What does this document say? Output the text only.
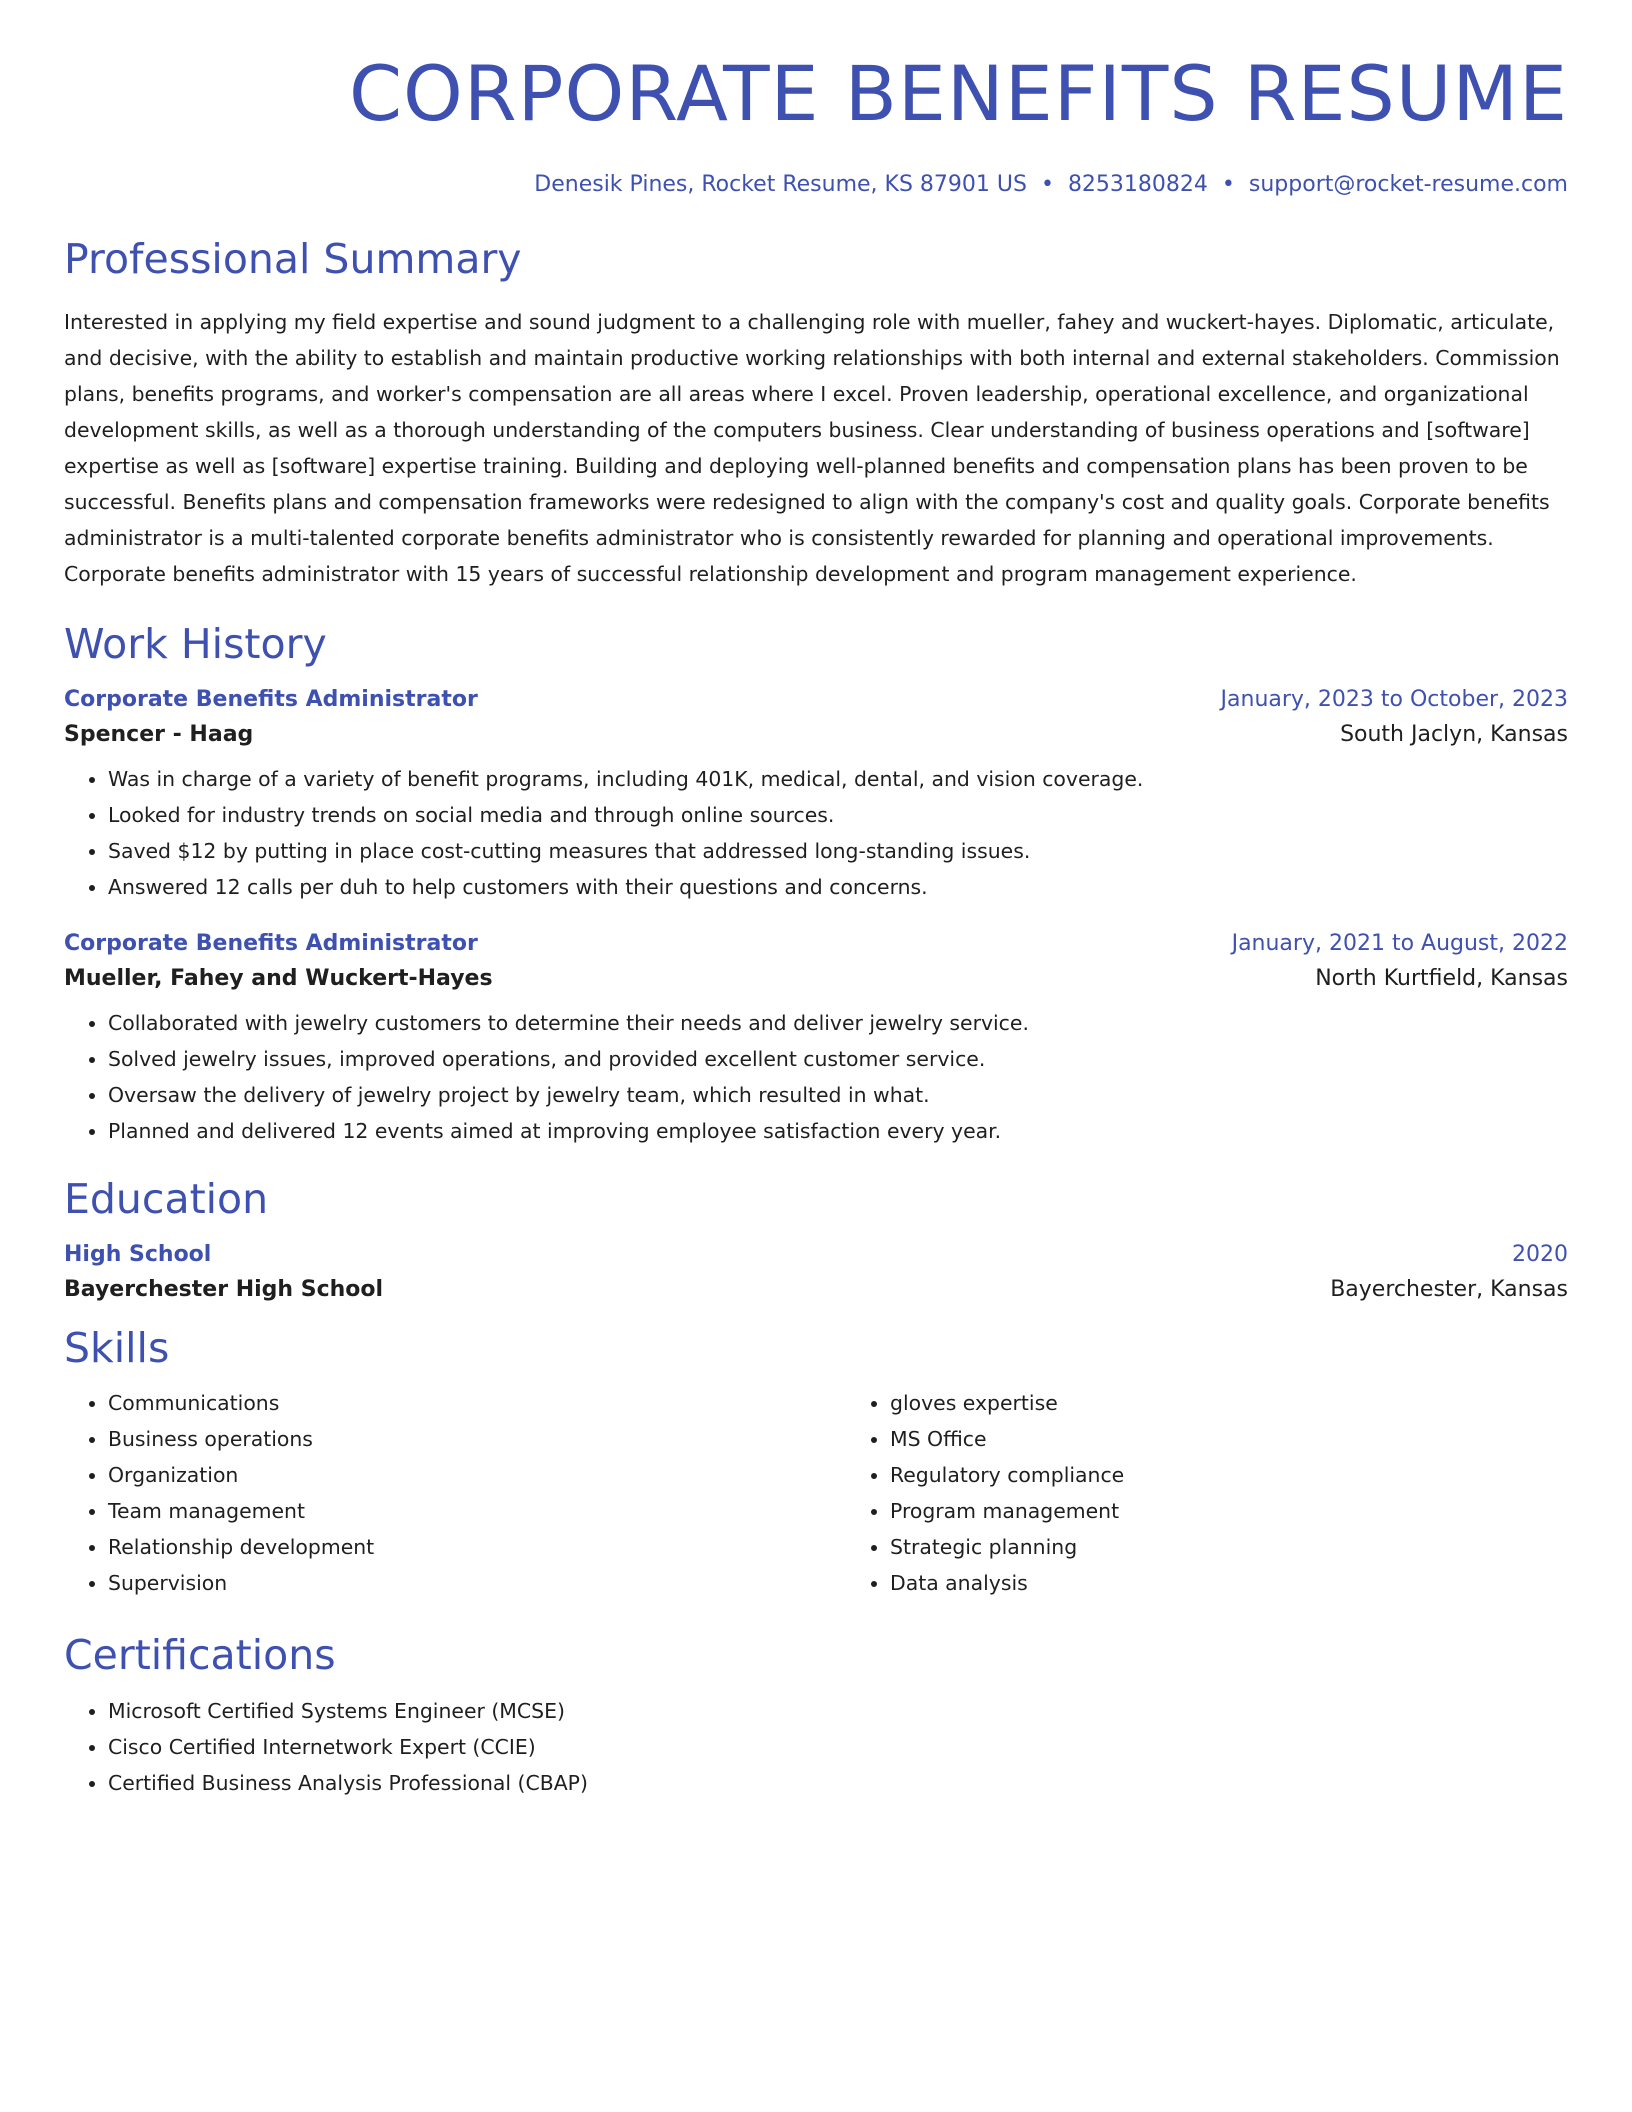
CORPORATE BENEFITS RESUME
Denesik Pines, Rocket Resume, KS 87901 US • 8253180824 • support@rocket-resume.com
Professional Summary

Interested in applying my field expertise and sound judgment to a challenging role with mueller, fahey and wuckert-hayes. Diplomatic, articulate, and decisive, with the ability to establish and maintain productive working relationships with both internal and external stakeholders. Commission plans, benefits programs, and worker's compensation are all areas where I excel. Proven leadership, operational excellence, and organizational development skills, as well as a thorough understanding of the computers business. Clear understanding of business operations and [software] expertise as well as [software] expertise training. Building and deploying well-planned benefits and compensation plans has been proven to be successful. Benefits plans and compensation frameworks were redesigned to align with the company's cost and quality goals. Corporate benefits administrator is a multi-talented corporate benefits administrator who is consistently rewarded for planning and operational improvements. Corporate benefits administrator with 15 years of successful relationship development and program management experience.

Work History
Corporate Benefits Administrator	January, 2023 to October, 2023
Spencer - Haag	South Jaclyn, Kansas
• Was in charge of a variety of benefit programs, including 401K, medical, dental, and vision coverage.
• Looked for industry trends on social media and through online sources.
• Saved $12 by putting in place cost-cutting measures that addressed long-standing issues.
• Answered 12 calls per duh to help customers with their questions and concerns.
Corporate Benefits Administrator	January, 2021 to August, 2022
Mueller, Fahey and Wuckert-Hayes	North Kurtfield, Kansas
• Collaborated with jewelry customers to determine their needs and deliver jewelry service.
• Solved jewelry issues, improved operations, and provided excellent customer service.
• Oversaw the delivery of jewelry project by jewelry team, which resulted in what.
• Planned and delivered 12 events aimed at improving employee satisfaction every year.
Education
High School	2020
Bayerchester High School	Bayerchester, Kansas
Skills
• Communications
• Business operations
• Organization
• Team management
• Relationship development
• Supervision
• gloves expertise
• MS Office
• Regulatory compliance
• Program management
• Strategic planning
• Data analysis
Certifications
• Microsoft Certified Systems Engineer (MCSE)
• Cisco Certified Internetwork Expert (CCIE)
• Certified Business Analysis Professional (CBAP)
